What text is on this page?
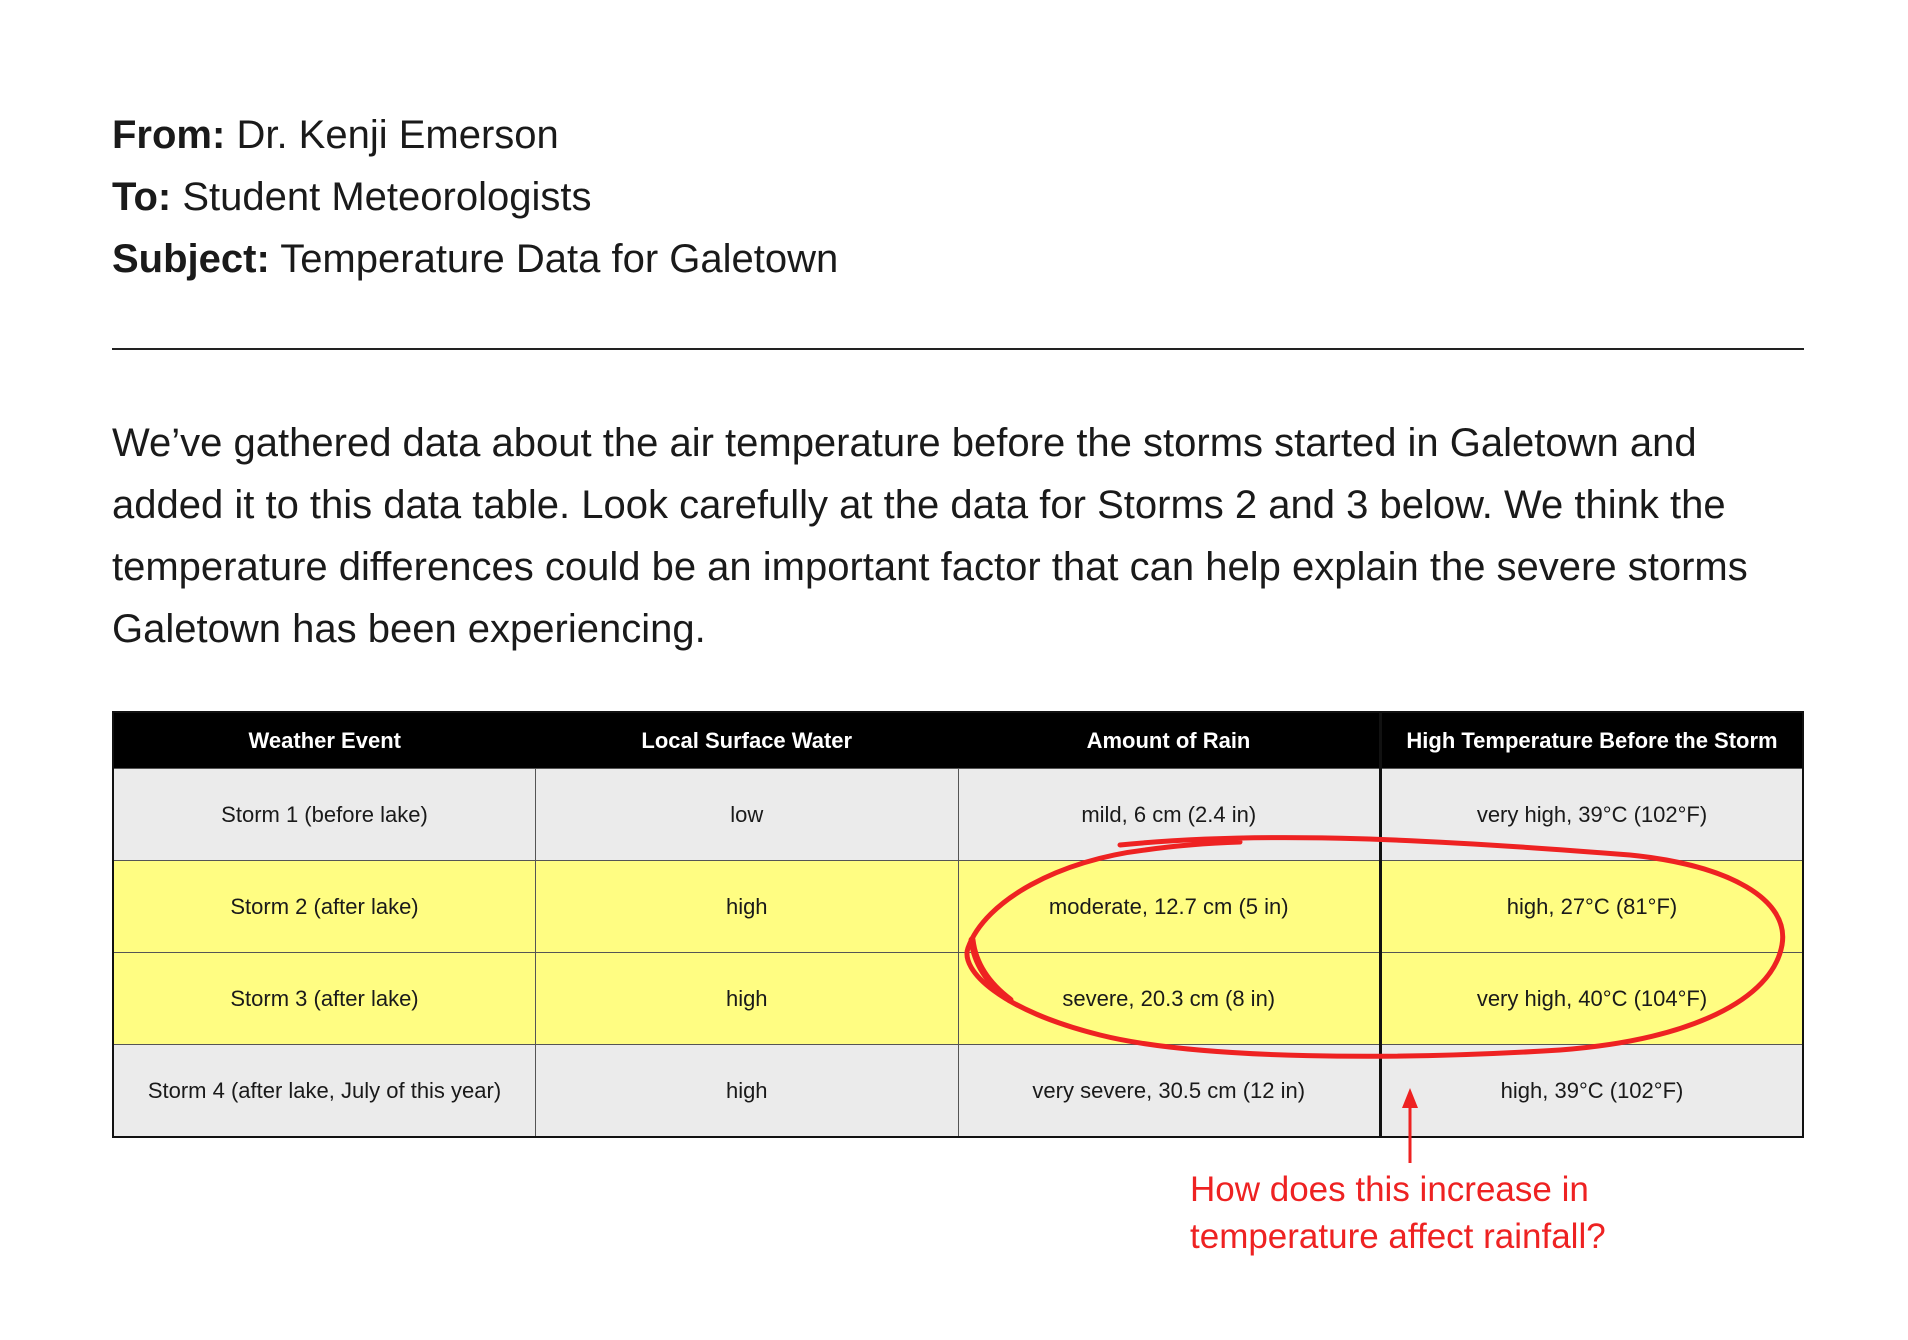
From: Dr. Kenji Emerson
To: Student Meteorologists
Subject: Temperature Data for Galetown

We’ve gathered data about the air temperature before the storms started in Galetown and added it to this data table. Look carefully at the data for Storms 2 and 3 below. We think the temperature differences could be an important factor that can help explain the severe storms Galetown has been experiencing.

Weather Event	Local Surface Water	Amount of Rain	High Temperature Before the Storm
Storm 1 (before lake)	low	mild, 6 cm (2.4 in)	very high, 39°C (102°F)
Storm 2 (after lake)	high	moderate, 12.7 cm (5 in)	high, 27°C (81°F)
Storm 3 (after lake)	high	severe, 20.3 cm (8 in)	very high, 40°C (104°F)
Storm 4 (after lake, July of this year)	high	very severe, 30.5 cm (12 in)	high, 39°C (102°F)

How does this increase in
temperature affect rainfall?
